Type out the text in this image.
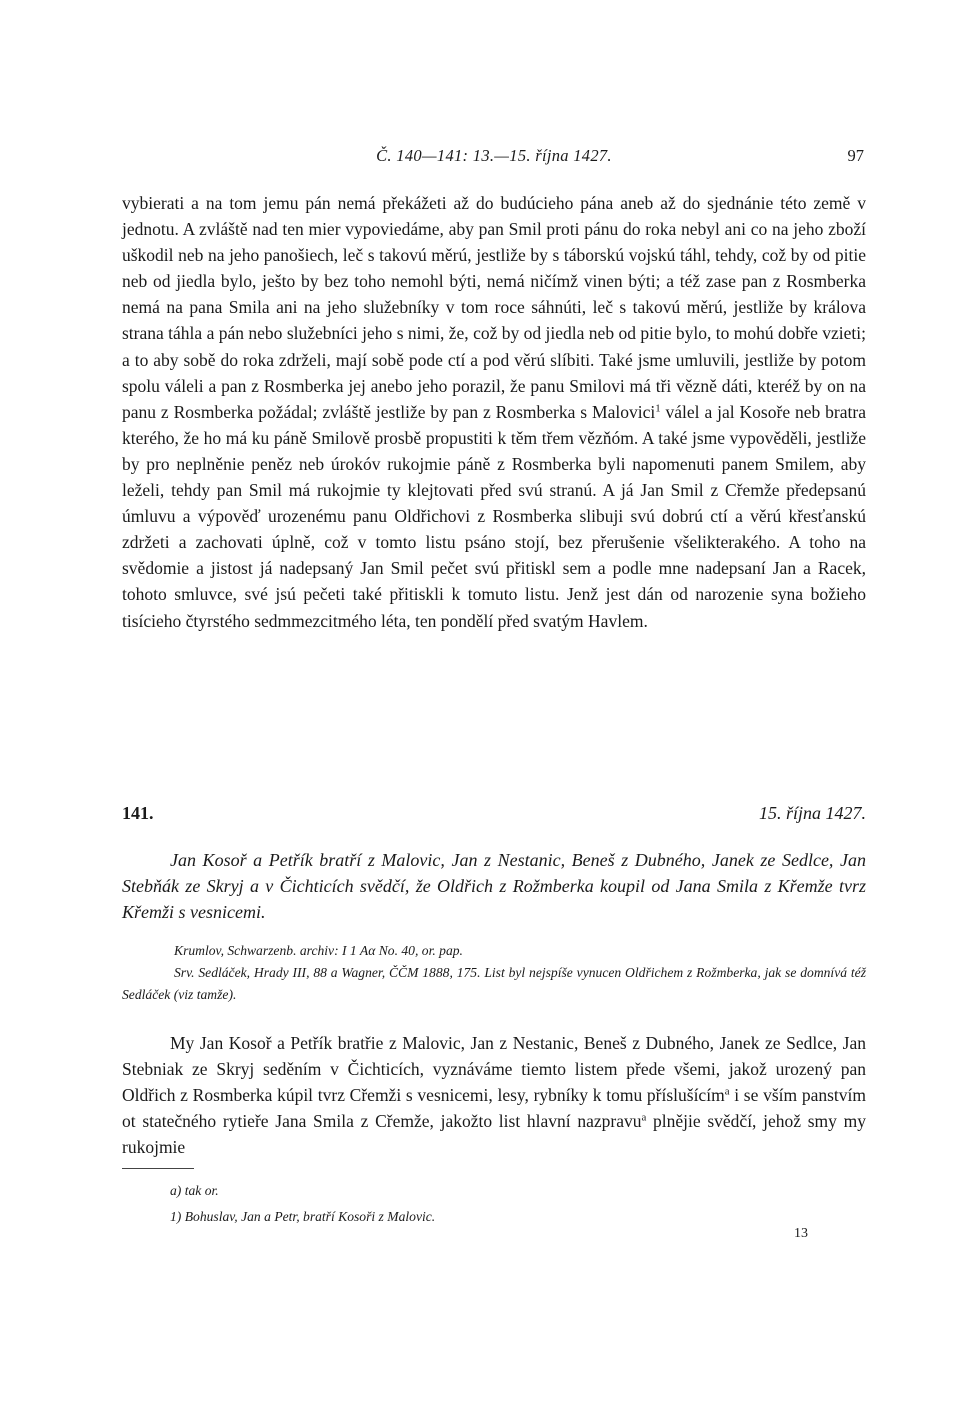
Č. 140—141: 13.—15. října 1427.	97

vybierati a na tom jemu pán nemá překážeti až do budúcieho pána aneb až do sjednánie této země v jednotu. A zvláště nad ten mier vypoviedáme, aby pan Smil proti pánu do roka nebyl ani co na jeho zboží uškodil neb na jeho panošiech, leč s takovú měrú, jestliže by s táborskú vojskú táhl, tehdy, což by od pitie neb od jiedla bylo, ješto by bez toho nemohl býti, nemá ničímž vinen býti; a též zase pan z Rosmberka nemá na pana Smila ani na jeho služebníky v tom roce sáhnúti, leč s takovú měrú, jestliže by králova strana táhla a pán nebo služebníci jeho s nimi, že, což by od jiedla neb od pitie bylo, to mohú dobře vzieti; a to aby sobě do roka zdrželi, mají sobě pode ctí a pod věrú slíbiti. Také jsme umluvili, jestliže by potom spolu váleli a pan z Rosmberka jej anebo jeho porazil, že panu Smilovi má tři vězně dáti, kteréž by on na panu z Rosmberka požádal; zvláště jestliže by pan z Rosmberka s Malovici$^1$ válel a jal Kosoře neb bratra kterého, že ho má ku páně Smilově prosbě propustiti k těm třem vězňóm. A také jsme vypověděli, jestliže by pro neplněnie peněz neb úrokóv rukojmie páně z Rosmberka byli napomenuti panem Smilem, aby leželi, tehdy pan Smil má rukojmie ty klejtovati před svú stranú. A já Jan Smil z Cřemže předepsanú úmluvu a výpověď urozenému panu Oldřichovi z Rosmberka slibuji svú dobrú ctí a věrú křesťanskú zdržeti a zachovati úplně, což v tomto listu psáno stojí, bez přerušenie všelikterakého. A toho na svědomie a jistost já nadepsaný Jan Smil pečet svú přitiskl sem a podle mne nadepsaní Jan a Racek, tohoto smluvce, své jsú pečeti také přitiskli k tomuto listu. Jenž jest dán od narozenie syna božieho tisícieho čtyrstého sedmmezcitmého léta, ten pondělí před svatým Havlem.

141.	15. října 1427.

Jan Kosoř a Petřík bratří z Malovic, Jan z Nestanic, Beneš z Dubného, Janek ze Sedlce, Jan Stebňák ze Skryj a v Čichticích svědčí, že Oldřich z Rožmberka koupil od Jana Smila z Křemže tvrz Křemži s vesnicemi.

Krumlov, Schwarzenb. archiv: I 1 Aα No. 40, or. pap.

Srv. Sedláček, Hrady III, 88 a Wagner, ČČM 1888, 175. List byl nejspíše vynucen Oldřichem z Rožmberka, jak se domnívá též Sedláček (viz tamže).

My Jan Kosoř a Petřík bratřie z Malovic, Jan z Nestanic, Beneš z Dubného, Janek ze Sedlce, Jan Stebniak ze Skryj seděním v Čichticích, vyznáváme tiemto listem přede všemi, jakož urozený pan Oldřich z Rosmberka kúpil tvrz Cřemži s vesnicemi, lesy, rybníky k tomu příslušícím$^a$ i se vším panstvím ot statečného rytieře Jana Smila z Cřemže, jakožto list hlavní nazpravu$^a$ plnějie svědčí, jehož smy my rukojmie

a) tak or.

1) Bohuslav, Jan a Petr, bratří Kosoři z Malovic.

13
